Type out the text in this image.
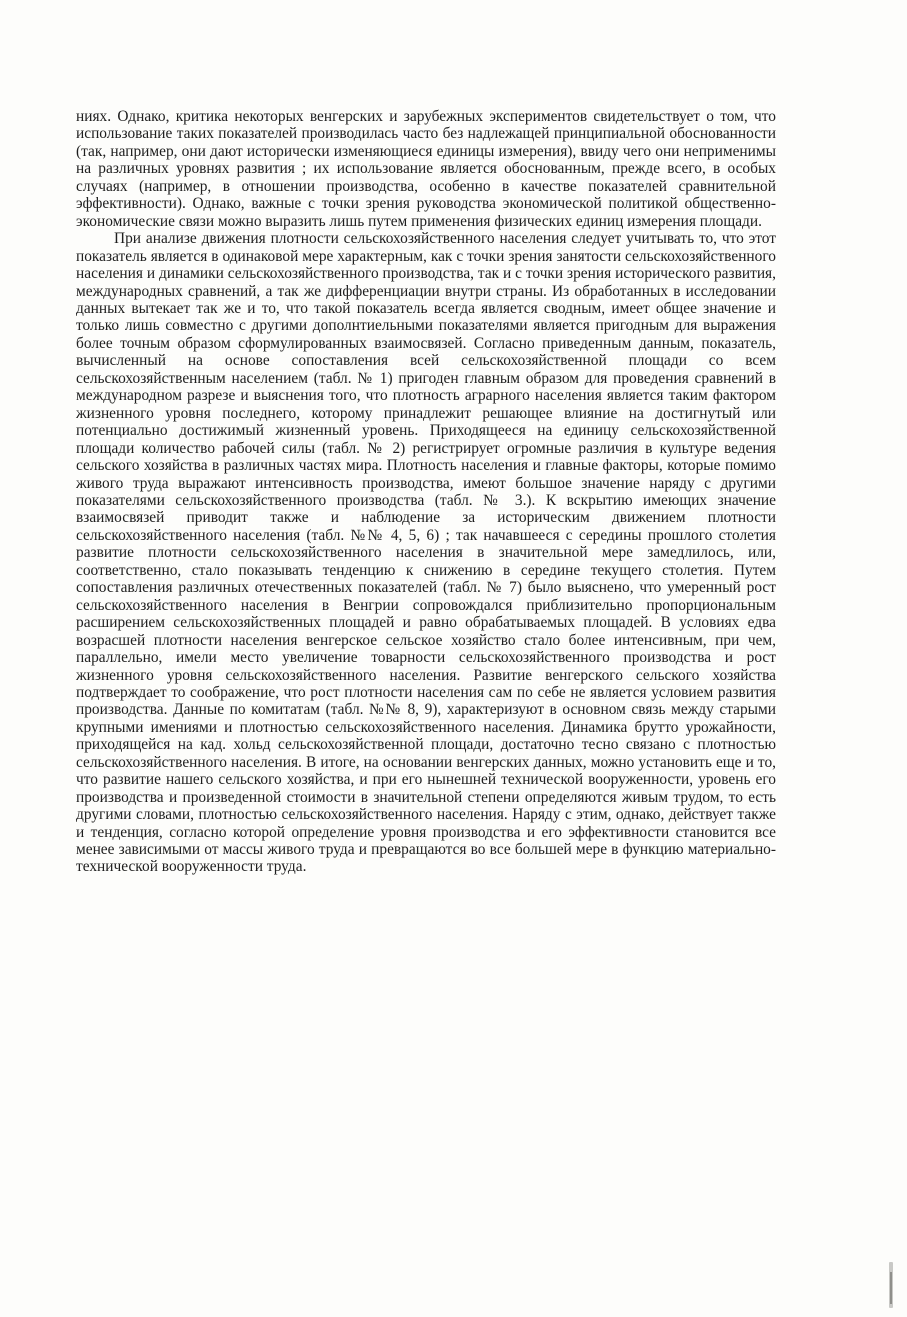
ниях. Однако, критика некоторых венгерских и зарубежных экспериментов свидетельствует о том, что использование таких показателей производилась часто без надлежащей принципиальной обоснованности (так, например, они дают исторически изменяющиеся единицы измерения), ввиду чего они неприменимы на различных уровнях развития ; их использование является обоснованным, прежде всего, в особых случаях (например, в отношении производства, особенно в качестве показателей сравнительной эффективности). Однако, важные с точки зрения руководства экономической политикой общественно- экономические связи можно выразить лишь путем применения физических единиц измерения площади.

При анализе движения плотности сельскохозяйственного населения следует учитывать то, что этот показатель является в одинаковой мере характерным, как с точки зрения занятости сельскохозяйственного населения и динамики сельскохозяйственного производства, так и с точки зрения исторического развития, международных сравнений, а так же дифференциации внутри страны. Из обработанных в исследовании данных вытекает так же и то, что такой показатель всегда является сводным, имеет общее значение и только лишь совместно с другими дополнтиельными показателями является пригодным для выражения более точным образом сформулированных взаимосвязей. Согласно приведенным данным, показатель, вычисленный на основе сопоставления всей сельскохозяйственной площади со всем сельскохозяйственным населением (табл. № 1) пригоден главным образом для проведения сравнений в международном разрезе и выяснения того, что плотность аграрного населения является таким фактором жизненного уровня последнего, которому принадлежит решающее влияние на достигнутый или потенциально достижимый жизненный уровень. Приходящееся на единицу сельскохозяйственной площади количество рабочей силы (табл. № 2) регистрирует огромные различия в культуре ведения сельского хозяйства в различных частях мира. Плотность населения и главные факторы, которые помимо живого труда выражают интенсивность производства, имеют большое значение наряду с другими показателями сельскохозяйственного производства (табл. № 3.). К вскрытию имеющих значение взаимосвязей приводит также и наблюдение за историческим движением плотности сельскохозяйственного населения (табл. №№ 4, 5, 6) ; так начавшееся с середины прошлого столетия развитие плотности сельскохозяйственного населения в значительной мере замедлилось, или, соответственно, стало показывать тенденцию к снижению в середине текущего столетия. Путем сопоставления различных отечественных показателей (табл. № 7) было выяснено, что умеренный рост сельскохозяйственного населения в Венгрии сопровождался приблизительно пропорциональным расширением сельскохозяйственных площадей и равно обрабатываемых площадей. В условиях едва возрасшей плотности населения венгерское сельское хозяйство стало более интенсивным, при чем, параллельно, имели место увеличение товарности сельскохозяйственного производства и рост жизненного уровня сельскохозяйственного населения. Развитие венгерского сельского хозяйства подтверждает то соображение, что рост плотности населения сам по себе не является условием развития производства. Данные по комитатам (табл. №№ 8, 9), характеризуют в основном связь между старыми крупными имениями и плотностью сельскохозяйственного населения. Динамика брутто урожайности, приходящейся на кад. хольд сельскохозяйственной площади, достаточно тесно связано с плотностью сельскохозяйственного населения. В итоге, на основании венгерских данных, можно установить еще и то, что развитие нашего сельского хозяйства, и при его нынешней технической вооруженности, уровень его производства и произведенной стоимости в значительной степени определяются живым трудом, то есть другими словами, плотностью сельскохозяйственного населения. Наряду с этим, однако, действует также и тенденция, согласно которой определение уровня производства и его эффективности становится все менее зависимыми от массы живого труда и превращаются во все большей мере в функцию материально-технической вооруженности труда.
